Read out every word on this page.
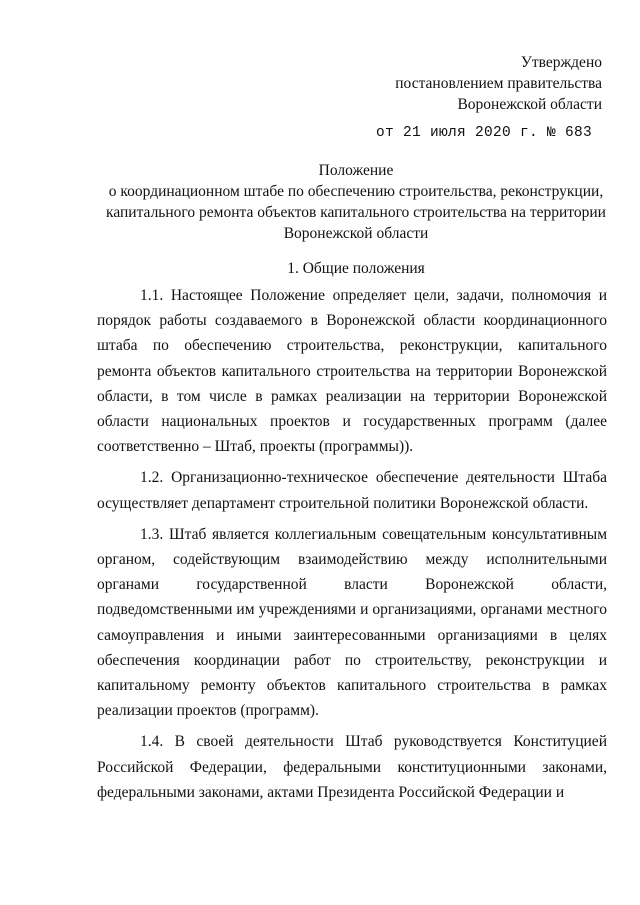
Утверждено
постановлением правительства
Воронежской области
от 21 июля 2020 г. № 683
Положение
о координационном штабе по обеспечению строительства, реконструкции,
капитального ремонта объектов капитального строительства на территории
Воронежской области
1. Общие положения

1.1. Настоящее Положение определяет цели, задачи, полномочия и порядок работы создаваемого в Воронежской области координационного штаба по обеспечению строительства, реконструкции, капитального ремонта объектов капитального строительства на территории Воронежской области, в том числе в рамках реализации на территории Воронежской области национальных проектов и государственных программ (далее соответственно – Штаб, проекты (программы)).

1.2. Организационно-техническое обеспечение деятельности Штаба осуществляет департамент строительной политики Воронежской области.

1.3. Штаб является коллегиальным совещательным консультативным органом, содействующим взаимодействию между исполнительными органами государственной власти Воронежской области, подведомственными им учреждениями и организациями, органами местного самоуправления и иными заинтересованными организациями в целях обеспечения координации работ по строительству, реконструкции и капитальному ремонту объектов капитального строительства в рамках реализации проектов (программ).

1.4. В своей деятельности Штаб руководствуется Конституцией Российской Федерации, федеральными конституционными законами, федеральными законами, актами Президента Российской Федерации и
